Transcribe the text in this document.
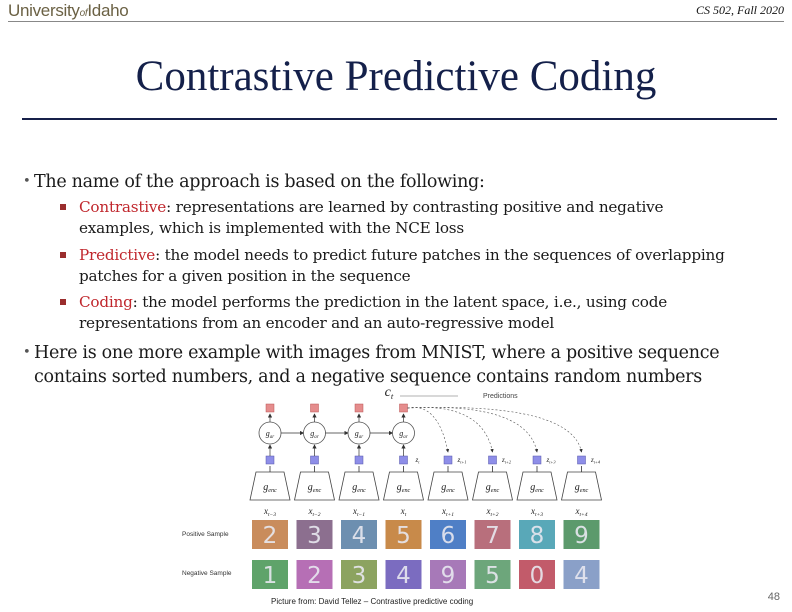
UniversityofIdaho	CS 502, Fall 2020
Contrastive Predictive Coding
• The name of the approach is based on the following:
Contrastive: representations are learned by contrasting positive and negative
examples, which is implemented with the NCE loss
Predictive: the model needs to predict future patches in the sequences of overlapping
patches for a given position in the sequence
Coding: the model performs the prediction in the latent space, i.e., using code
representations from an encoder and an auto-regressive model
• Here is one more example with images from MNIST, where a positive sequence
contains sorted numbers, and a negative sequence contains random numbers
$c_t$	Predictions
$g_{enc}$
$x_{t-3}$
$g_{ar}$
$g_{enc}$
$x_{t-2}$
$g_{ar}$
$g_{enc}$
$x_{t-1}$
$g_{ar}$
$g_{enc}$
$x_t$
$g_{ar}$
$z_t$
$g_{enc}$
$x_{t+1}$
$z_{t+1}$
$g_{enc}$
$x_{t+2}$
$z_{t+2}$
$g_{enc}$
$x_{t+3}$
$z_{t+3}$
$g_{enc}$
$x_{t+4}$
$z_{t+4}$
Positive Sample
Negative Sample
2 3 4 5 6 7 8 9
1 2 3 4 9 5 0 4
Picture from: David Tellez – Contrastive predictive coding	48
